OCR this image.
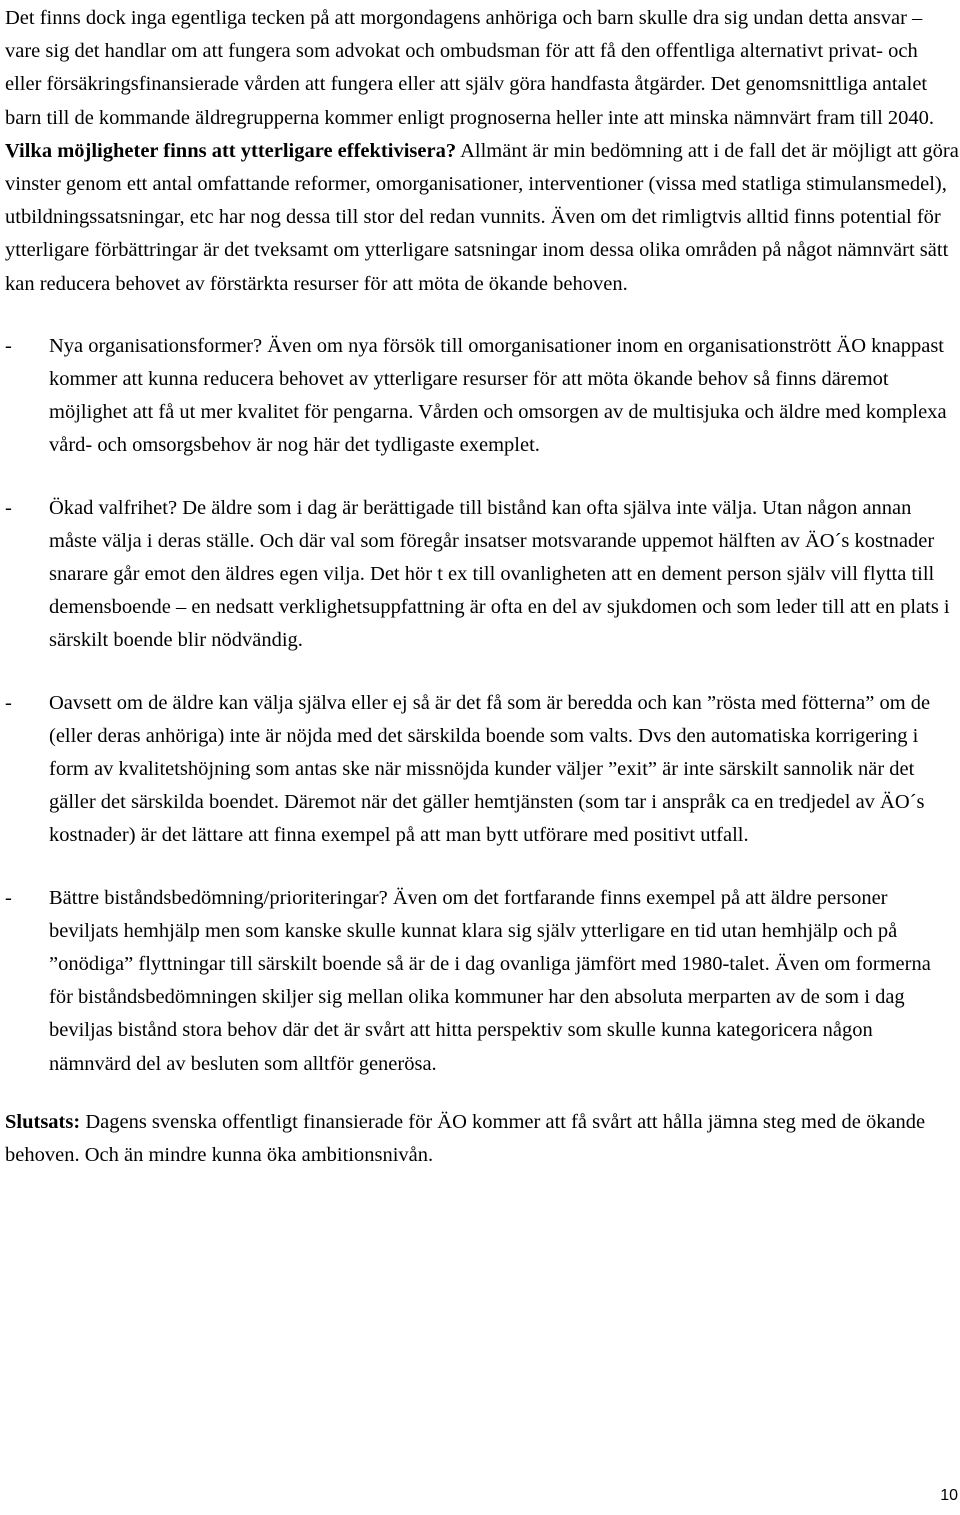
Det finns dock inga egentliga tecken på att morgondagens anhöriga och barn skulle dra sig undan detta ansvar – vare sig det handlar om att fungera som advokat och ombudsman för att få den offentliga alternativt privat- och eller försäkringsfinansierade vården att fungera eller att själv göra handfasta åtgärder. Det genomsnittliga antalet barn till de kommande äldregrupperna kommer enligt prognoserna heller inte att minska nämnvärt fram till 2040.

Vilka möjligheter finns att ytterligare effektivisera? Allmänt är min bedömning att i de fall det är möjligt att göra vinster genom ett antal omfattande reformer, omorganisationer, interventioner (vissa med statliga stimulansmedel), utbildningssatsningar, etc har nog dessa till stor del redan vunnits. Även om det rimligtvis alltid finns potential för ytterligare förbättringar är det tveksamt om ytterligare satsningar inom dessa olika områden på något nämnvärt sätt kan reducera behovet av förstärkta resurser för att möta de ökande behoven.

- Nya organisationsformer? Även om nya försök till omorganisationer inom en organisationstrött ÄO knappast kommer att kunna reducera behovet av ytterligare resurser för att möta ökande behov så finns däremot möjlighet att få ut mer kvalitet för pengarna. Vården och omsorgen av de multisjuka och äldre med komplexa vård- och omsorgsbehov är nog här det tydligaste exemplet.
- Ökad valfrihet? De äldre som i dag är berättigade till bistånd kan ofta själva inte välja. Utan någon annan måste välja i deras ställe. Och där val som föregår insatser motsvarande uppemot hälften av ÄO´s kostnader snarare går emot den äldres egen vilja. Det hör t ex till ovanligheten att en dement person själv vill flytta till demensboende – en nedsatt verklighetsuppfattning är ofta en del av sjukdomen och som leder till att en plats i särskilt boende blir nödvändig.
- Oavsett om de äldre kan välja själva eller ej så är det få som är beredda och kan ”rösta med fötterna” om de (eller deras anhöriga) inte är nöjda med det särskilda boende som valts. Dvs den automatiska korrigering i form av kvalitetshöjning som antas ske när missnöjda kunder väljer ”exit” är inte särskilt sannolik när det gäller det särskilda boendet. Däremot när det gäller hemtjänsten (som tar i anspråk ca en tredjedel av ÄO´s kostnader) är det lättare att finna exempel på att man bytt utförare med positivt utfall.
- Bättre biståndsbedömning/prioriteringar? Även om det fortfarande finns exempel på att äldre personer beviljats hemhjälp men som kanske skulle kunnat klara sig själv ytterligare en tid utan hemhjälp och på ”onödiga” flyttningar till särskilt boende så är de i dag ovanliga jämfört med 1980-talet. Även om formerna för biståndsbedömningen skiljer sig mellan olika kommuner har den absoluta merparten av de som i dag beviljas bistånd stora behov där det är svårt att hitta perspektiv som skulle kunna kategoricera någon nämnvärd del av besluten som alltför generösa.

Slutsats: Dagens svenska offentligt finansierade för ÄO kommer att få svårt att hålla jämna steg med de ökande behoven. Och än mindre kunna öka ambitionsnivån.

10
